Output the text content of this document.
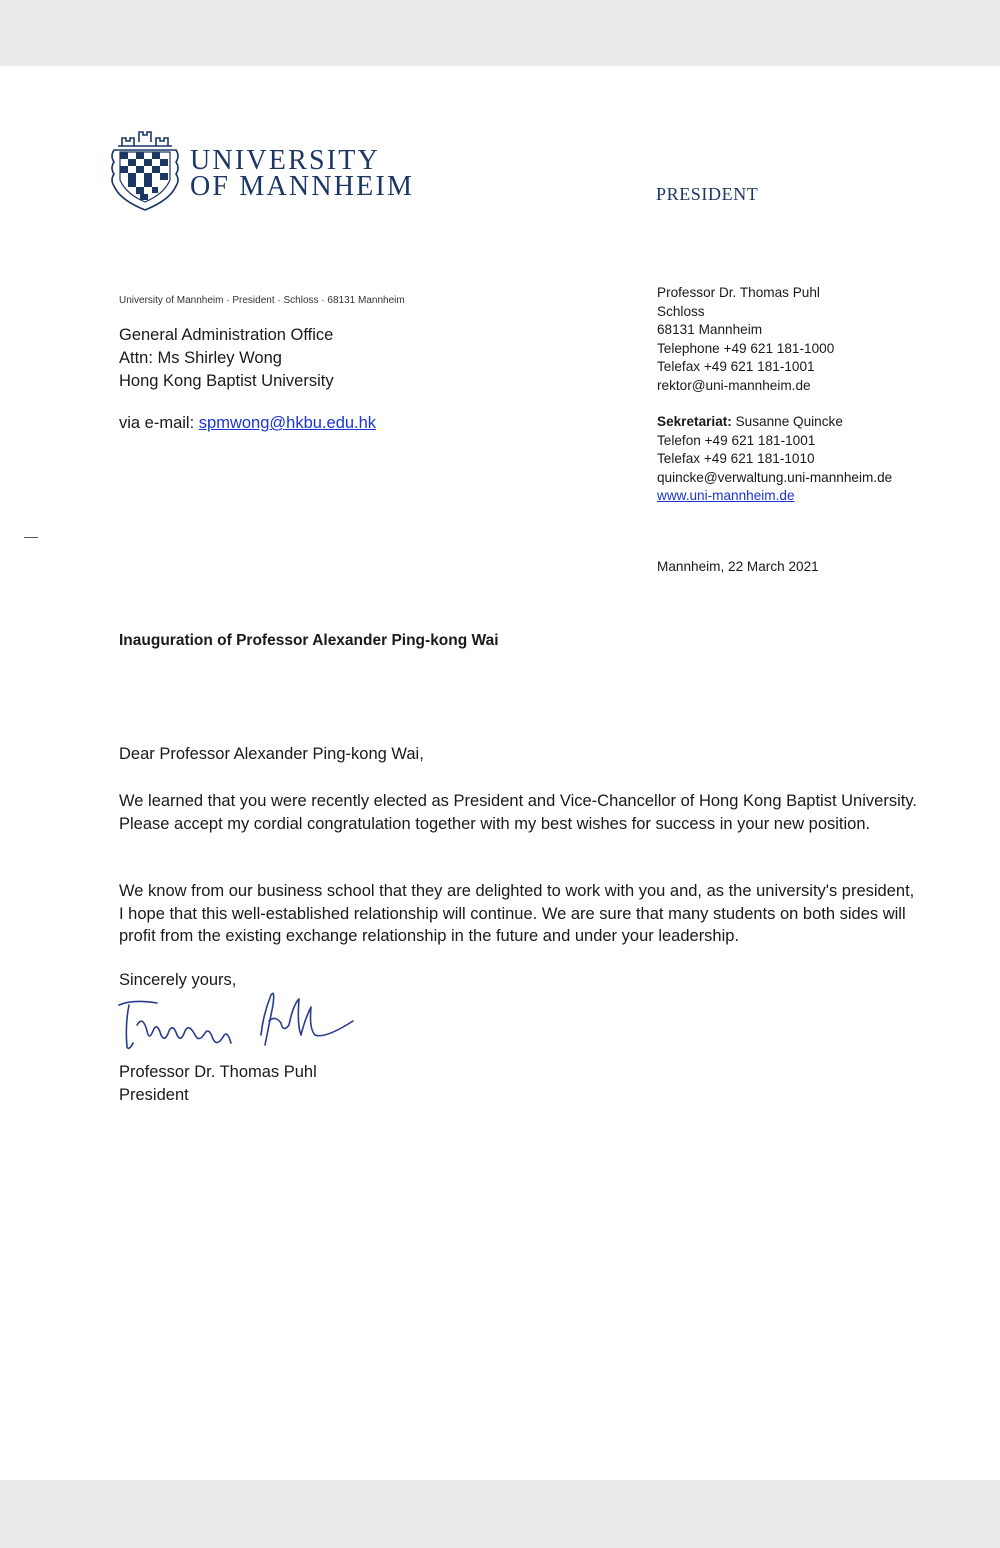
UNIVERSITY
OF MANNHEIM	PRESIDENT
University of Mannheim · President · Schloss · 68131 Mannheim
General Administration Office
Attn: Ms Shirley Wong
Hong Kong Baptist University
via e-mail: spmwong@hkbu.edu.hk
Professor Dr. Thomas Puhl
Schloss
68131 Mannheim
Telephone +49 621 181-1000
Telefax +49 621 181-1001
rektor@uni-mannheim.de
Sekretariat: Susanne Quincke
Telefon +49 621 181-1001
Telefax +49 621 181-1010
quincke@verwaltung.uni-mannheim.de
www.uni-mannheim.de
Mannheim, 22 March 2021
Inauguration of Professor Alexander Ping-kong Wai
Dear Professor Alexander Ping-kong Wai,
We learned that you were recently elected as President and Vice-Chancellor of Hong Kong Baptist University. Please accept my cordial congratulation together with my best wishes for success in your new position.
We know from our business school that they are delighted to work with you and, as the university's president, I hope that this well-established relationship will continue. We are sure that many students on both sides will profit from the existing exchange relationship in the future and under your leadership.
Sincerely yours,
Professor Dr. Thomas Puhl
President
